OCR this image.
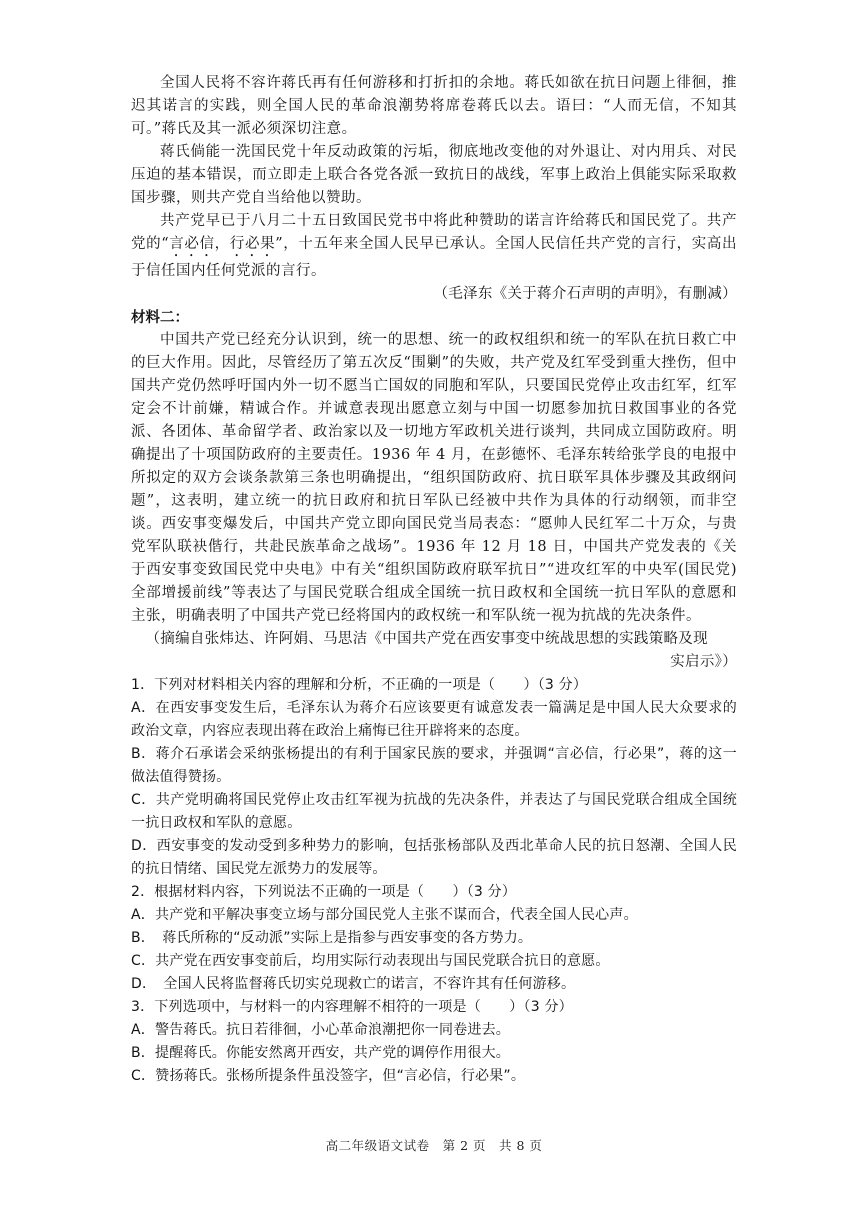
全国人民将不容许蒋氏再有任何游移和打折扣的余地。蒋氏如欲在抗日问题上徘徊，推迟其诺言的实践，则全国人民的革命浪潮势将席卷蒋氏以去。语曰：“人而无信，不知其可。”蒋氏及其一派必须深切注意。

蒋氏倘能一洗国民党十年反动政策的污垢，彻底地改变他的对外退让、对内用兵、对民压迫的基本错误，而立即走上联合各党各派一致抗日的战线，军事上政治上俱能实际采取救国步骤，则共产党自当给他以赞助。

共产党早已于八月二十五日致国民党书中将此种赞助的诺言许给蒋氏和国民党了。共产党的“言必信，行必果”，十五年来全国人民早已承认。全国人民信任共产党的言行，实高出于信任国内任何党派的言行。

（毛泽东《关于蒋介石声明的声明》，有删减）

材料二：

中国共产党已经充分认识到，统一的思想、统一的政权组织和统一的军队在抗日救亡中的巨大作用。因此，尽管经历了第五次反“围剿”的失败，共产党及红军受到重大挫伤，但中国共产党仍然呼吁国内外一切不愿当亡国奴的同胞和军队，只要国民党停止攻击红军，红军定会不计前嫌，精诚合作。并诚意表现出愿意立刻与中国一切愿参加抗日救国事业的各党派、各团体、革命留学者、政治家以及一切地方军政机关进行谈判，共同成立国防政府。明确提出了十项国防政府的主要责任。1936 年 4 月，在彭德怀、毛泽东转给张学良的电报中所拟定的双方会谈条款第三条也明确提出，“组织国防政府、抗日联军具体步骤及其政纲问题”，这表明，建立统一的抗日政府和抗日军队已经被中共作为具体的行动纲领，而非空谈。西安事变爆发后，中国共产党立即向国民党当局表态：“愿帅人民红军二十万众，与贵党军队联袂偕行，共赴民族革命之战场”。1936 年 12 月 18 日，中国共产党发表的《关于西安事变致国民党中央电》中有关“组织国防政府联军抗日”“进攻红军的中央军(国民党)全部增援前线”等表达了与国民党联合组成全国统一抗日政权和全国统一抗日军队的意愿和主张，明确表明了中国共产党已经将国内的政权统一和军队统一视为抗战的先决条件。

（摘编自张炜达、许阿娟、马思洁《中国共产党在西安事变中统战思想的实践策略及现

实启示》）

1．下列对材料相关内容的理解和分析，不正确的一项是（　　）（3 分）

A．在西安事变发生后，毛泽东认为蒋介石应该要更有诚意发表一篇满足是中国人民大众要求的政治文章，内容应表现出蒋在政治上痛悔已往开辟将来的态度。

B．蒋介石承诺会采纳张杨提出的有利于国家民族的要求，并强调“言必信，行必果”，蒋的这一做法值得赞扬。

C．共产党明确将国民党停止攻击红军视为抗战的先决条件，并表达了与国民党联合组成全国统一抗日政权和军队的意愿。

D．西安事变的发动受到多种势力的影响，包括张杨部队及西北革命人民的抗日怒潮、全国人民的抗日情绪、国民党左派势力的发展等。

2．根据材料内容，下列说法不正确的一项是（　　）（3 分）

A．共产党和平解决事变立场与部分国民党人主张不谋而合，代表全国人民心声。

B．　蒋氏所称的“反动派”实际上是指参与西安事变的各方势力。

C．共产党在西安事变前后，均用实际行动表现出与国民党联合抗日的意愿。

D．　全国人民将监督蒋氏切实兑现救亡的诺言，不容许其有任何游移。

3．下列选项中，与材料一的内容理解不相符的一项是（　　）（3 分）

A．警告蒋氏。抗日若徘徊，小心革命浪潮把你一同卷进去。

B．提醒蒋氏。你能安然离开西安，共产党的调停作用很大。

C．赞扬蒋氏。张杨所提条件虽没签字，但“言必信，行必果”。

高二年级语文试卷　第 2 页　共 8 页
